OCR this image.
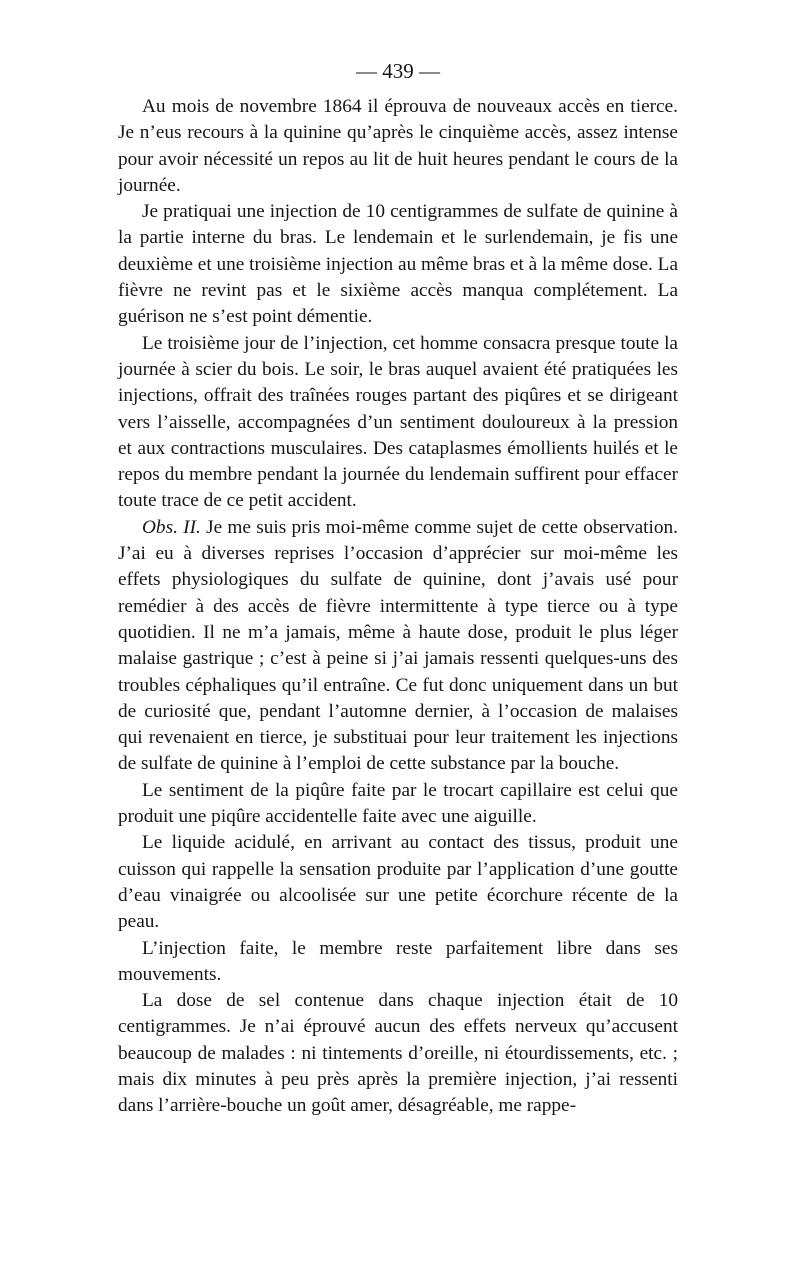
— 439 —

Au mois de novembre 1864 il éprouva de nouveaux accès en tierce. Je n’eus recours à la quinine qu’après le cinquième accès, assez intense pour avoir nécessité un repos au lit de huit heures pendant le cours de la journée.

Je pratiquai une injection de 10 centigrammes de sulfate de quinine à la partie interne du bras. Le lendemain et le surlendemain, je fis une deuxième et une troisième injection au même bras et à la même dose. La fièvre ne revint pas et le sixième accès manqua complétement. La guérison ne s’est point démentie.

Le troisième jour de l’injection, cet homme consacra presque toute la journée à scier du bois. Le soir, le bras auquel avaient été pratiquées les injections, offrait des traînées rouges partant des piqûres et se dirigeant vers l’aisselle, accompagnées d’un sentiment douloureux à la pression et aux contractions musculaires. Des cataplasmes émollients huilés et le repos du membre pendant la journée du lendemain suffirent pour effacer toute trace de ce petit accident.

Obs. II. Je me suis pris moi-même comme sujet de cette observation. J’ai eu à diverses reprises l’occasion d’apprécier sur moi-même les effets physiologiques du sulfate de quinine, dont j’avais usé pour remédier à des accès de fièvre intermittente à type tierce ou à type quotidien. Il ne m’a jamais, même à haute dose, produit le plus léger malaise gastrique ; c’est à peine si j’ai jamais ressenti quelques-uns des troubles céphaliques qu’il entraîne. Ce fut donc uniquement dans un but de curiosité que, pendant l’automne dernier, à l’occasion de malaises qui revenaient en tierce, je substituai pour leur traitement les injections de sulfate de quinine à l’emploi de cette substance par la bouche.

Le sentiment de la piqûre faite par le trocart capillaire est celui que produit une piqûre accidentelle faite avec une aiguille.

Le liquide acidulé, en arrivant au contact des tissus, produit une cuisson qui rappelle la sensation produite par l’application d’une goutte d’eau vinaigrée ou alcoolisée sur une petite écorchure récente de la peau.

L’injection faite, le membre reste parfaitement libre dans ses mouvements.

La dose de sel contenue dans chaque injection était de 10 centigrammes. Je n’ai éprouvé aucun des effets nerveux qu’accusent beaucoup de malades : ni tintements d’oreille, ni étourdissements, etc. ; mais dix minutes à peu près après la première injection, j’ai ressenti dans l’arrière-bouche un goût amer, désagréable, me rappe-
